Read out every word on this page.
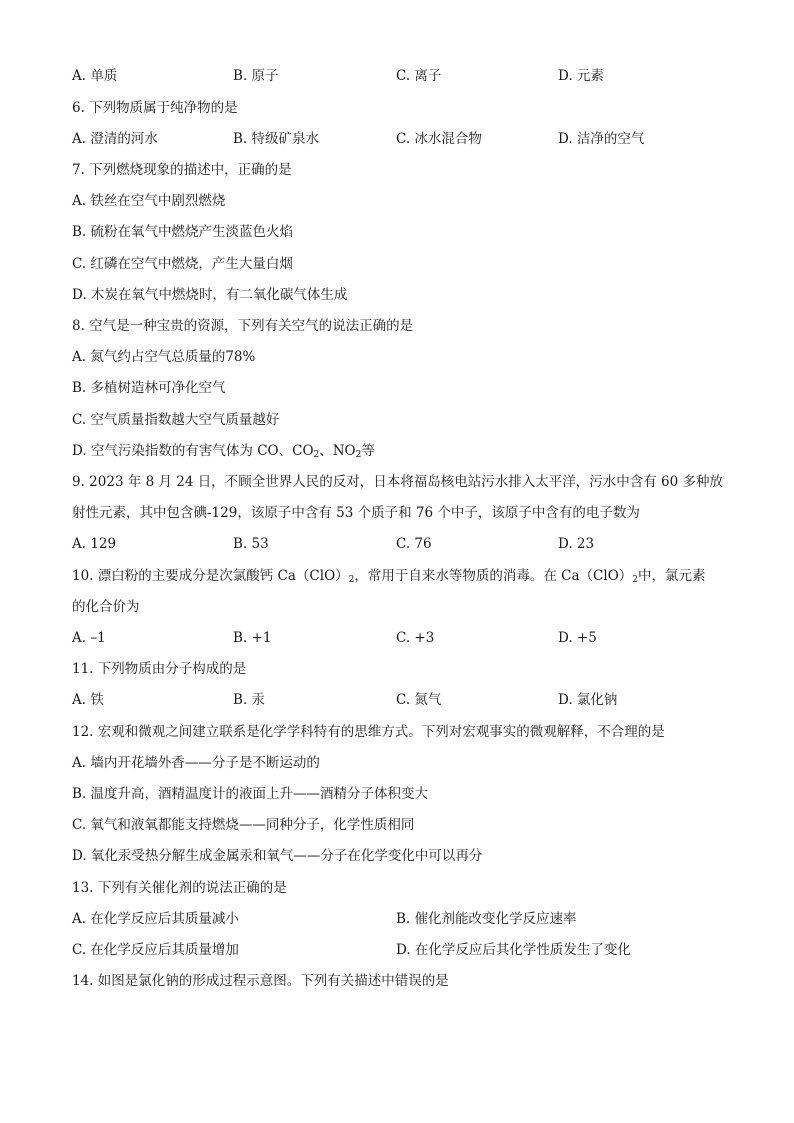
A. 单质	B. 原子	C. 离子	D. 元素
6. 下列物质属于纯净物的是
A. 澄清的河水	B. 特级矿泉水	C. 冰水混合物	D. 洁净的空气
7. 下列燃烧现象的描述中，正确的是
A. 铁丝在空气中剧烈燃烧
B. 硫粉在氧气中燃烧产生淡蓝色火焰
C. 红磷在空气中燃烧，产生大量白烟
D. 木炭在氧气中燃烧时，有二氧化碳气体生成
8. 空气是一种宝贵的资源，下列有关空气的说法正确的是
A. 氮气约占空气总质量的78%
B. 多植树造林可净化空气
C. 空气质量指数越大空气质量越好
D. 空气污染指数的有害气体为 CO、$CO_2$、$NO_2$等
9. 2023 年 8 月 24 日，不顾全世界人民的反对，日本将福岛核电站污水排入太平洋，污水中含有 60 多种放
射性元素，其中包含碘-129，该原子中含有 53 个质子和 76 个中子，该原子中含有的电子数为
A. 129	B. 53	C. 76	D. 23
10. 漂白粉的主要成分是次氯酸钙 $Ca(ClO)_2$，常用于自来水等物质的消毒。在 $Ca(ClO)_2$中，氯元素
的化合价为
A. –1	B. +1	C. +3	D. +5
11. 下列物质由分子构成的是
A. 铁	B. 汞	C. 氮气	D. 氯化钠
12. 宏观和微观之间建立联系是化学学科特有的思维方式。下列对宏观事实的微观解释，不合理的是
A. 墙内开花墙外香——分子是不断运动的
B. 温度升高，酒精温度计的液面上升——酒精分子体积变大
C. 氧气和液氧都能支持燃烧——同种分子，化学性质相同
D. 氧化汞受热分解生成金属汞和氧气——分子在化学变化中可以再分
13. 下列有关催化剂的说法正确的是
A. 在化学反应后其质量减小	B. 催化剂能改变化学反应速率
C. 在化学反应后其质量增加	D. 在化学反应后其化学性质发生了变化
14. 如图是氯化钠的形成过程示意图。下列有关描述中错误的是
